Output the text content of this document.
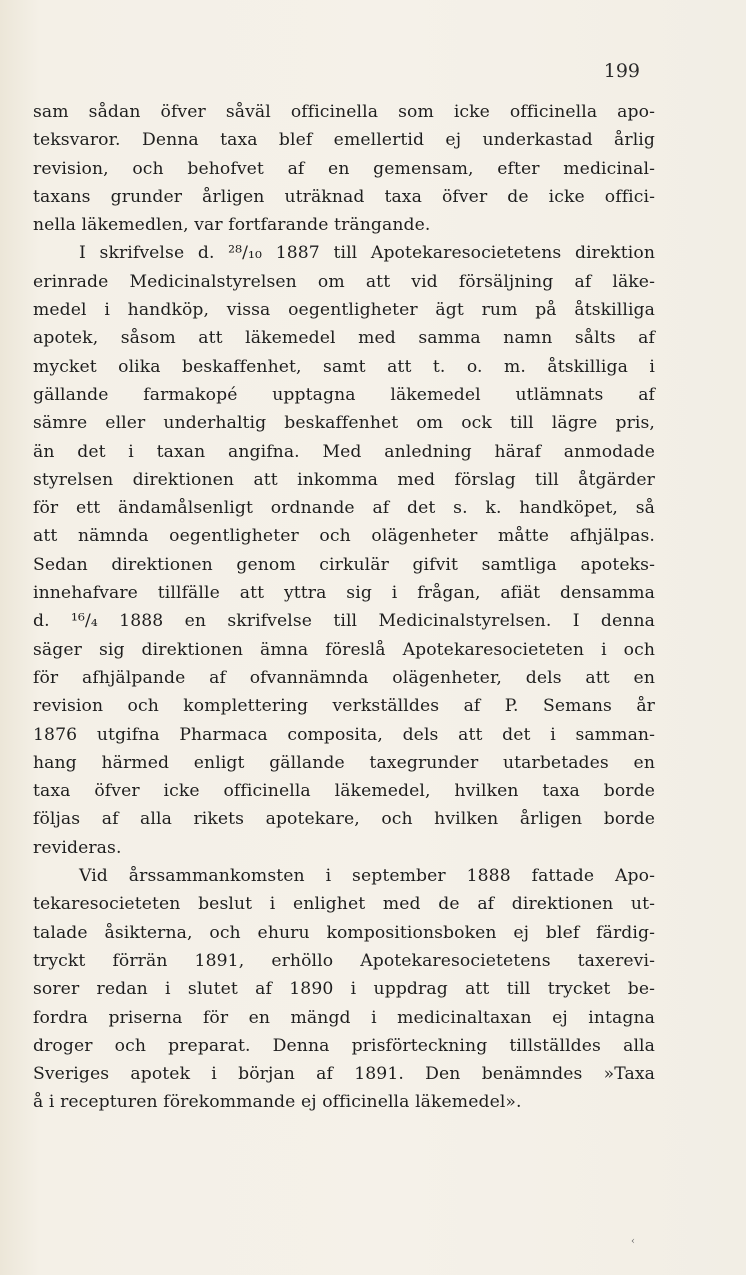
199
sam sådan öfver såväl officinella som icke officinella apo-
teksvaror. Denna taxa blef emellertid ej underkastad årlig
revision, och behofvet af en gemensam, efter medicinal-
taxans grunder årligen uträknad taxa öfver de icke offici-
nella läkemedlen, var fortfarande trängande.
I skrifvelse d. ²⁸/₁₀ 1887 till Apotekaresocietetens direktion
erinrade Medicinalstyrelsen om att vid försäljning af läke-
medel i handköp, vissa oegentligheter ägt rum på åtskilliga
apotek, såsom att läkemedel med samma namn sålts af
mycket olika beskaffenhet, samt att t. o. m. åtskilliga i
gällande farmakopé upptagna läkemedel utlämnats af
sämre eller underhaltig beskaffenhet om ock till lägre pris,
än det i taxan angifna. Med anledning häraf anmodade
styrelsen direktionen att inkomma med förslag till åtgärder
för ett ändamålsenligt ordnande af det s. k. handköpet, så
att nämnda oegentligheter och olägenheter måtte afhjälpas.
Sedan direktionen genom cirkulär gifvit samtliga apoteks-
innehafvare tillfälle att yttra sig i frågan, afiät densamma
d. ¹⁶/₄ 1888 en skrifvelse till Medicinalstyrelsen. I denna
säger sig direktionen ämna föreslå Apotekaresocieteten i och
för afhjälpande af ofvannämnda olägenheter, dels att en
revision och komplettering verkställdes af P. Semans år
1876 utgifna Pharmaca composita, dels att det i samman-
hang härmed enligt gällande taxegrunder utarbetades en
taxa öfver icke officinella läkemedel, hvilken taxa borde
följas af alla rikets apotekare, och hvilken årligen borde
revideras.
Vid årssammankomsten i september 1888 fattade Apo-
tekaresocieteten beslut i enlighet med de af direktionen ut-
talade åsikterna, och ehuru kompositionsboken ej blef färdig-
tryckt förrän 1891, erhöllo Apotekaresocietetens taxerevi-
sorer redan i slutet af 1890 i uppdrag att till trycket be-
fordra priserna för en mängd i medicinaltaxan ej intagna
droger och preparat. Denna prisförteckning tillställdes alla
Sveriges apotek i början af 1891. Den benämndes »Taxa
å i recepturen förekommande ej officinella läkemedel».
‹
